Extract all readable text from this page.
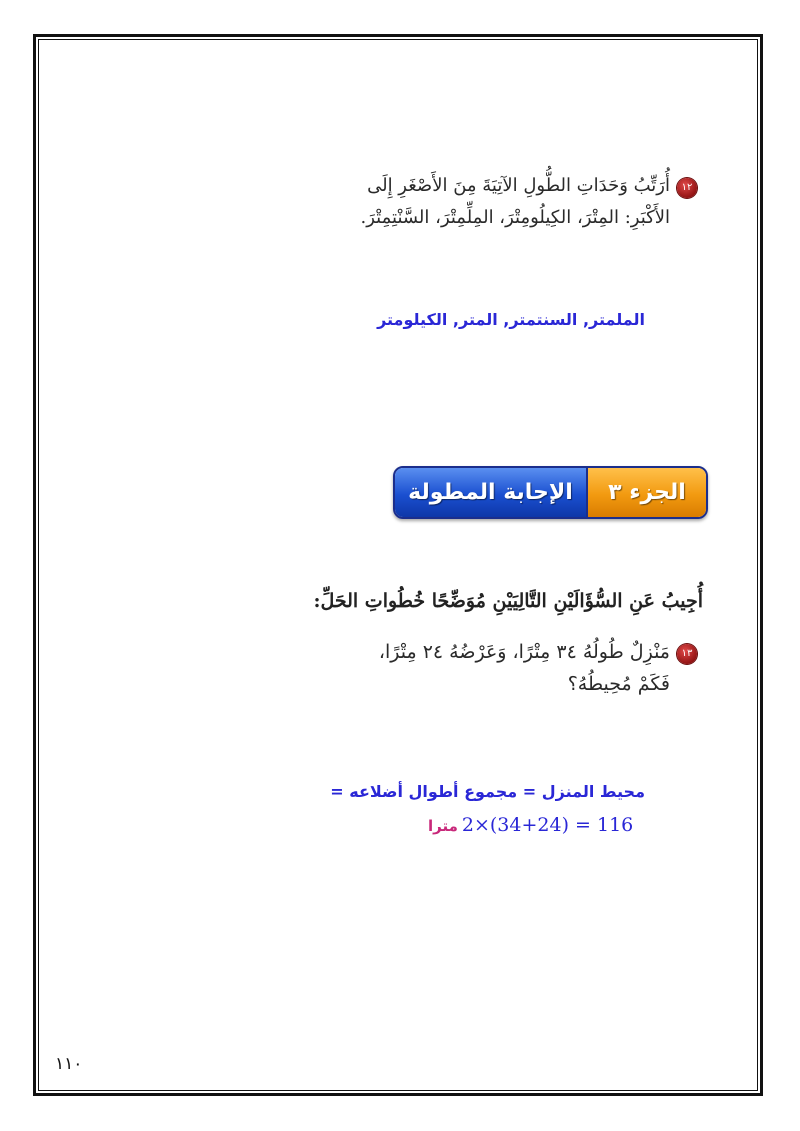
١٢
أُرَتِّبُ وَحَدَاتِ الطُّولِ الآتِيَةَ مِنَ الأَصْغَرِ إِلَى
الأَكْبَرِ: المِتْرَ، الكِيلُومِتْرَ، المِلِّمِتْرَ، السَّنْتِمِتْرَ.
الملمتر, السنتمتر, المتر, الكيلومتر
الإجابة المطولة الجزء ٣
أُجِيبُ عَنِ السُّؤَالَيْنِ التَّالِيَيْنِ مُوَضِّحًا خُطُواتِ الحَلِّ:
١٣
مَنْزِلٌ طُولُهُ ٣٤ مِتْرًا، وَعَرْضُهُ ٢٤ مِتْرًا،
فَكَمْ مُحِيطُهُ؟
محيط المنزل = مجموع أطوال أضلاعه =
مترا 2×(34+24) = 116
١١٠
